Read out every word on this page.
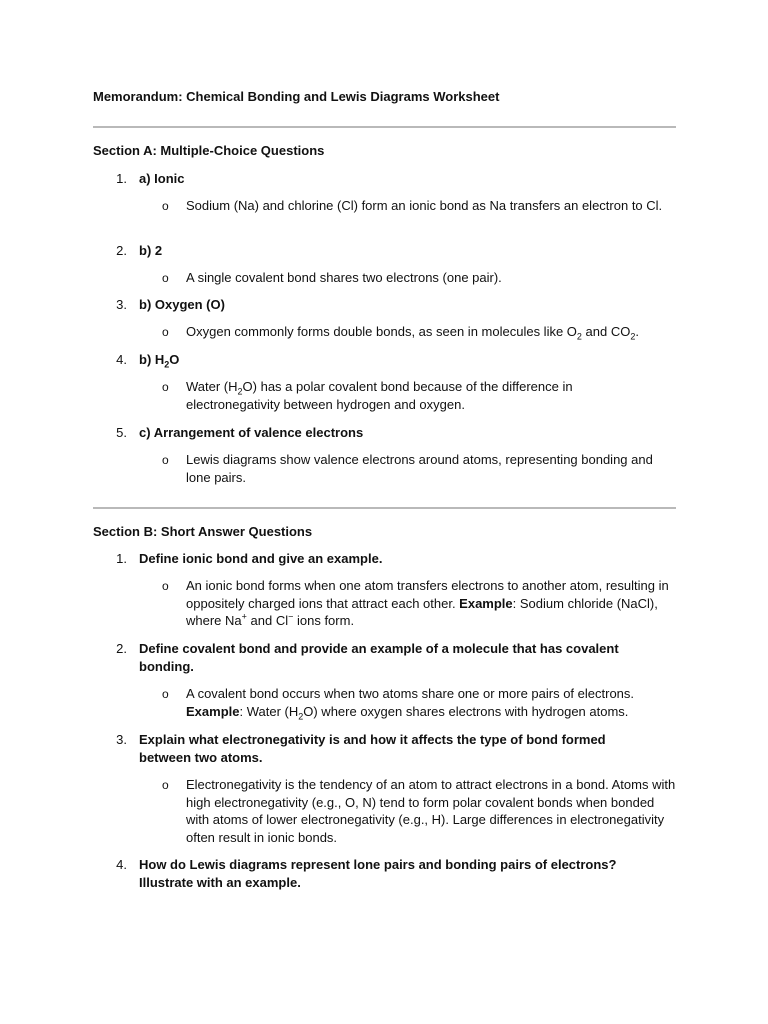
Memorandum: Chemical Bonding and Lewis Diagrams Worksheet
Section A: Multiple-Choice Questions
1. a) Ionic
o Sodium (Na) and chlorine (Cl) form an ionic bond as Na transfers an electron to Cl.
2. b) 2
o A single covalent bond shares two electrons (one pair).
3. b) Oxygen (O)
o Oxygen commonly forms double bonds, as seen in molecules like $O_2$ and $CO_2$.
4. b) $H_2O$
o Water $(H_2O)$ has a polar covalent bond because of the difference in electronegativity between hydrogen and oxygen.
5. c) Arrangement of valence electrons
o Lewis diagrams show valence electrons around atoms, representing bonding and lone pairs.
Section B: Short Answer Questions
1. Define ionic bond and give an example.
o An ionic bond forms when one atom transfers electrons to another atom, resulting in oppositely charged ions that attract each other. Example: Sodium chloride (NaCl), where Na+ and Cl− ions form.
2. Define covalent bond and provide an example of a molecule that has covalent bonding.
o A covalent bond occurs when two atoms share one or more pairs of electrons. Example: Water $(H_2O)$ where oxygen shares electrons with hydrogen atoms.
3. Explain what electronegativity is and how it affects the type of bond formed between two atoms.
o Electronegativity is the tendency of an atom to attract electrons in a bond. Atoms with high electronegativity (e.g., O, N) tend to form polar covalent bonds when bonded with atoms of lower electronegativity (e.g., H). Large differences in electronegativity often result in ionic bonds.
4. How do Lewis diagrams represent lone pairs and bonding pairs of electrons? Illustrate with an example.
